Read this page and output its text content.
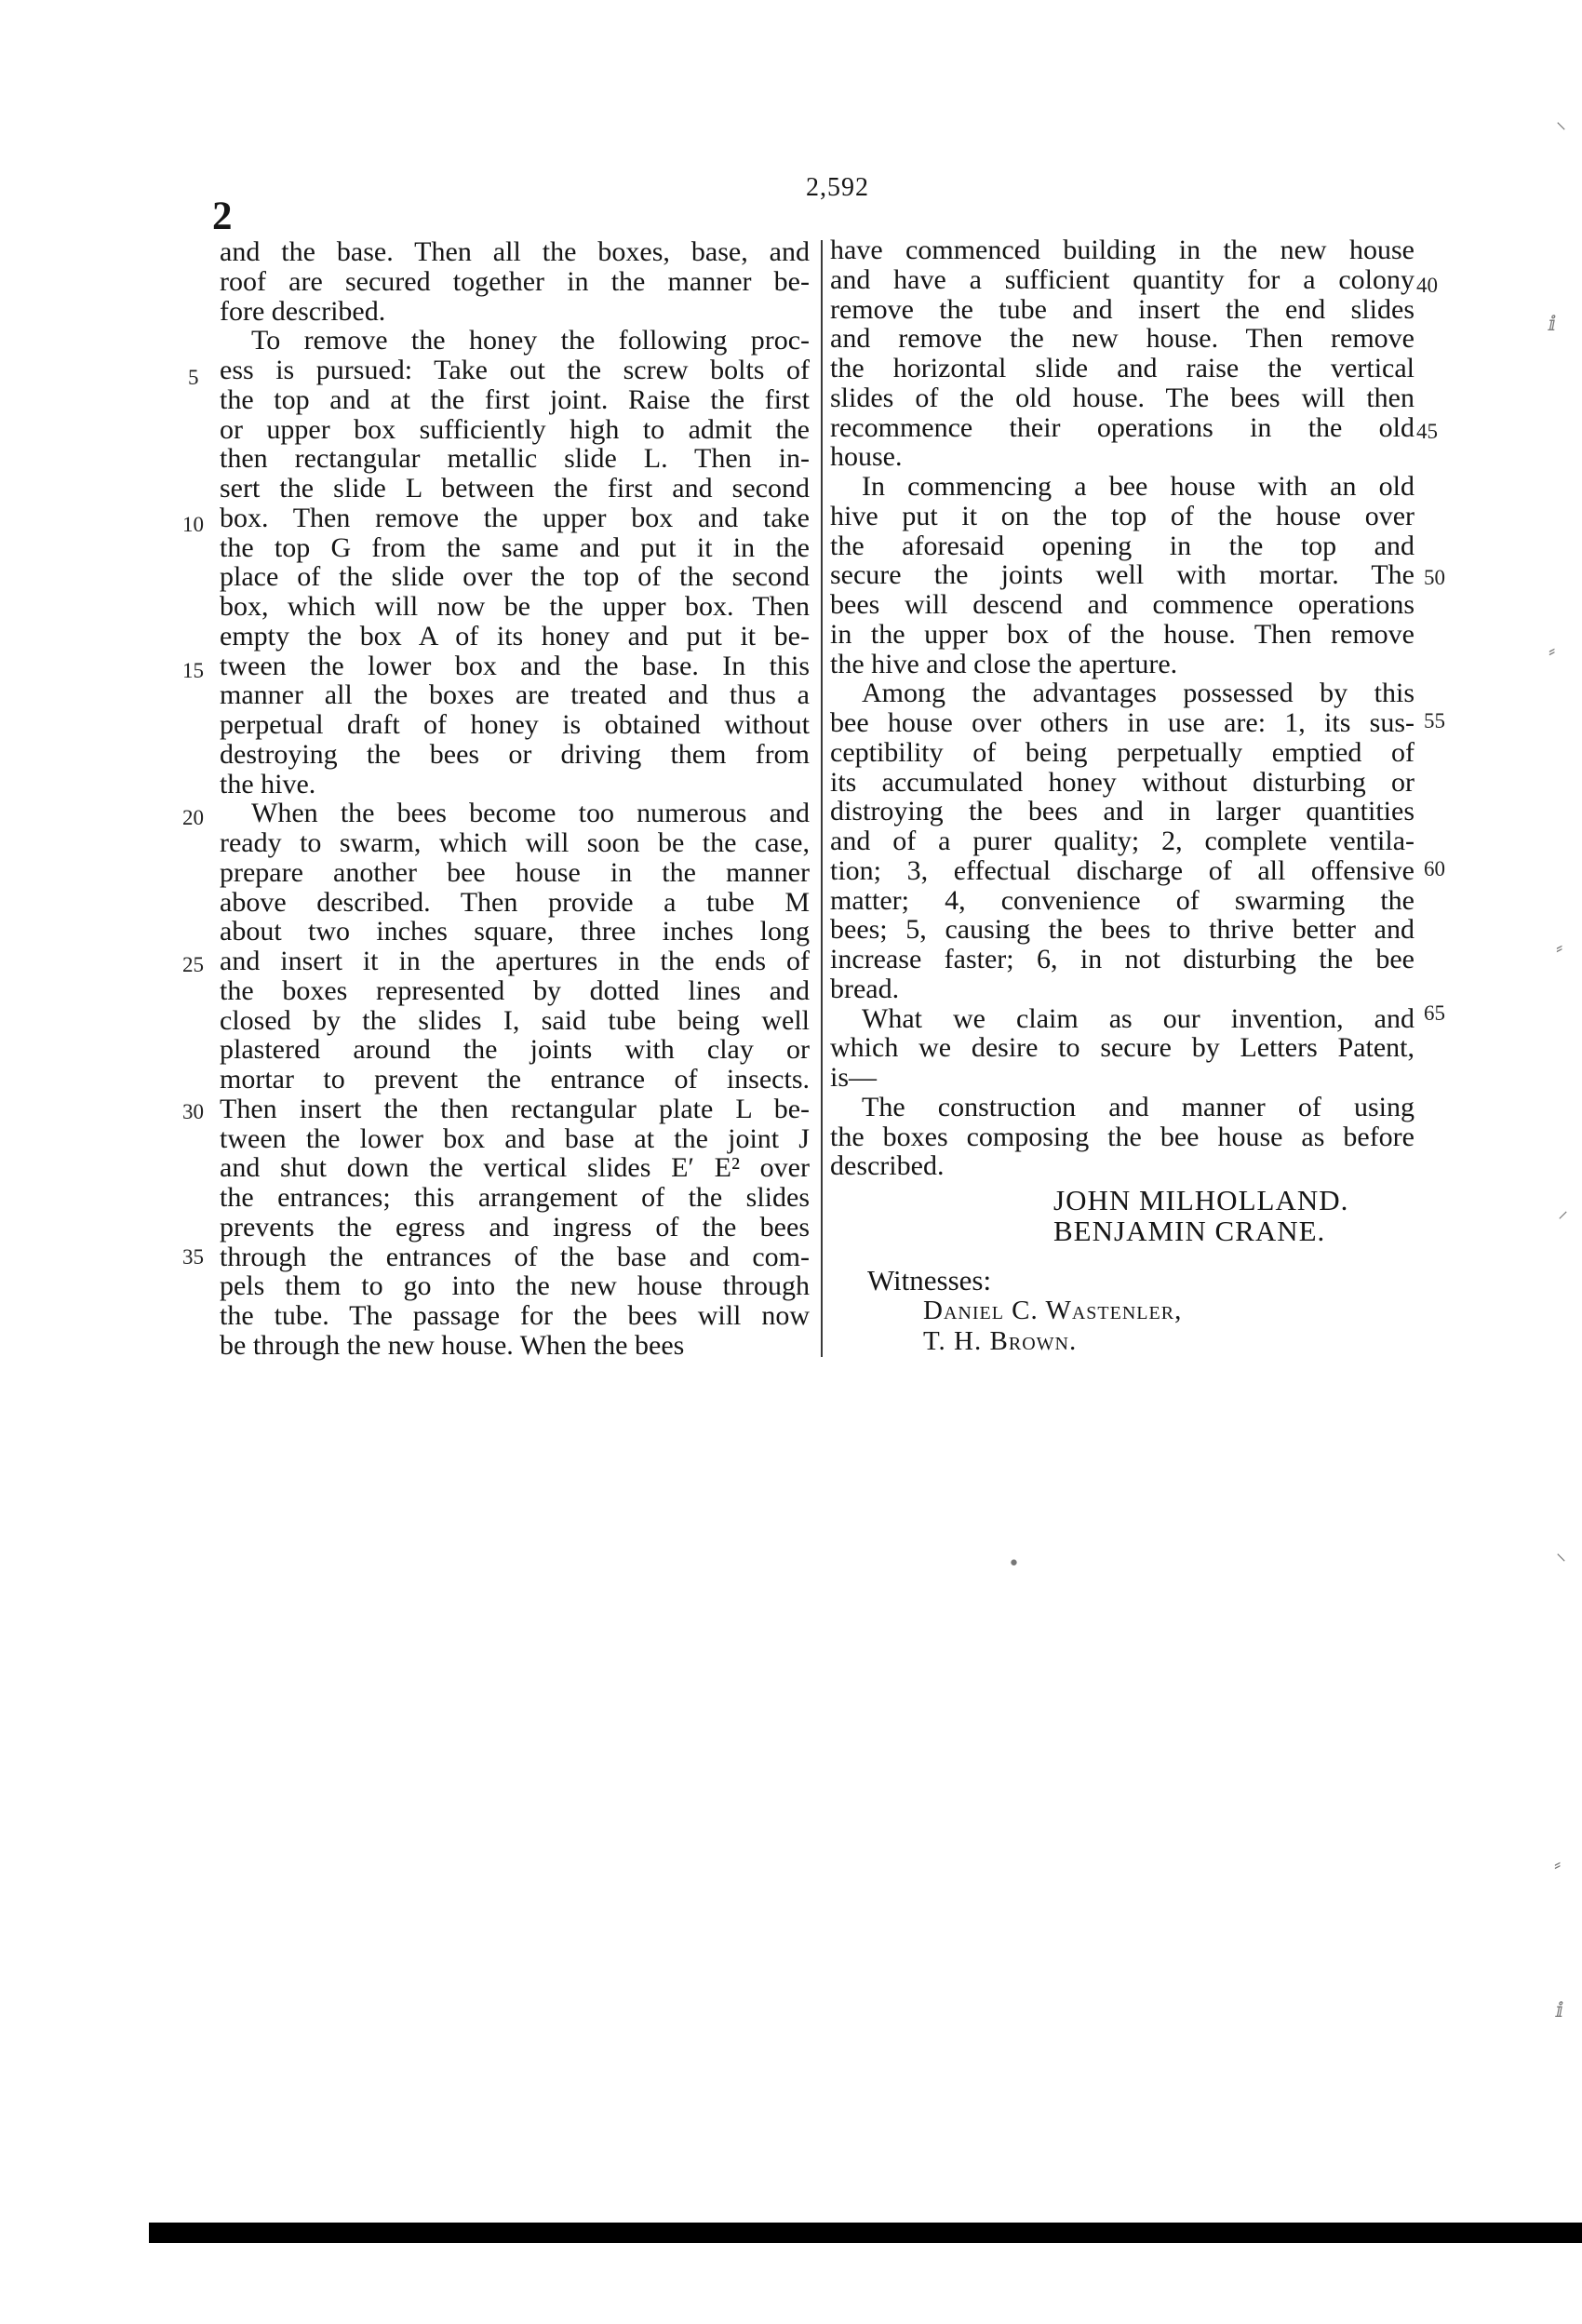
2
2,592
and the base. Then all the boxes, base, and
roof are secured together in the manner be-
fore described.
To remove the honey the following proc-
ess is pursued: Take out the screw bolts of
the top and at the first joint. Raise the first
or upper box sufficiently high to admit the
then rectangular metallic slide L. Then in-
sert the slide L between the first and second
box. Then remove the upper box and take
the top G from the same and put it in the
place of the slide over the top of the second
box, which will now be the upper box. Then
empty the box A of its honey and put it be-
tween the lower box and the base. In this
manner all the boxes are treated and thus a
perpetual draft of honey is obtained without
destroying the bees or driving them from
the hive.
When the bees become too numerous and
ready to swarm, which will soon be the case,
prepare another bee house in the manner
above described. Then provide a tube M
about two inches square, three inches long
and insert it in the apertures in the ends of
the boxes represented by dotted lines and
closed by the slides I, said tube being well
plastered around the joints with clay or
mortar to prevent the entrance of insects.
Then insert the then rectangular plate L be-
tween the lower box and base at the joint J
and shut down the vertical slides E′ E² over
the entrances; this arrangement of the slides
prevents the egress and ingress of the bees
through the entrances of the base and com-
pels them to go into the new house through
the tube. The passage for the bees will now
be through the new house. When the bees
have commenced building in the new house
and have a sufficient quantity for a colony
remove the tube and insert the end slides
and remove the new house. Then remove
the horizontal slide and raise the vertical
slides of the old house. The bees will then
recommence their operations in the old
house.
In commencing a bee house with an old
hive put it on the top of the house over
the aforesaid opening in the top and
secure the joints well with mortar. The
bees will descend and commence operations
in the upper box of the house. Then remove
the hive and close the aperture.
Among the advantages possessed by this
bee house over others in use are: 1, its sus-
ceptibility of being perpetually emptied of
its accumulated honey without disturbing or
distroying the bees and in larger quantities
and of a purer quality; 2, complete ventila-
tion; 3, effectual discharge of all offensive
matter; 4, convenience of swarming the
bees; 5, causing the bees to thrive better and
increase faster; 6, in not disturbing the bee
bread.
What we claim as our invention, and
which we desire to secure by Letters Patent,
is—
The construction and manner of using
the boxes composing the bee house as before
described.
5
10
15
20
25
30
35
40
45
50
55
60
65
JOHN MILHOLLAND.
BENJAMIN CRANE.
Witnesses:
Daniel C. Wastenler,
T. H. Brown.
⸌
ⅈ
⸗
⸗
⸝
⸌
⸗
ⅈ
•
